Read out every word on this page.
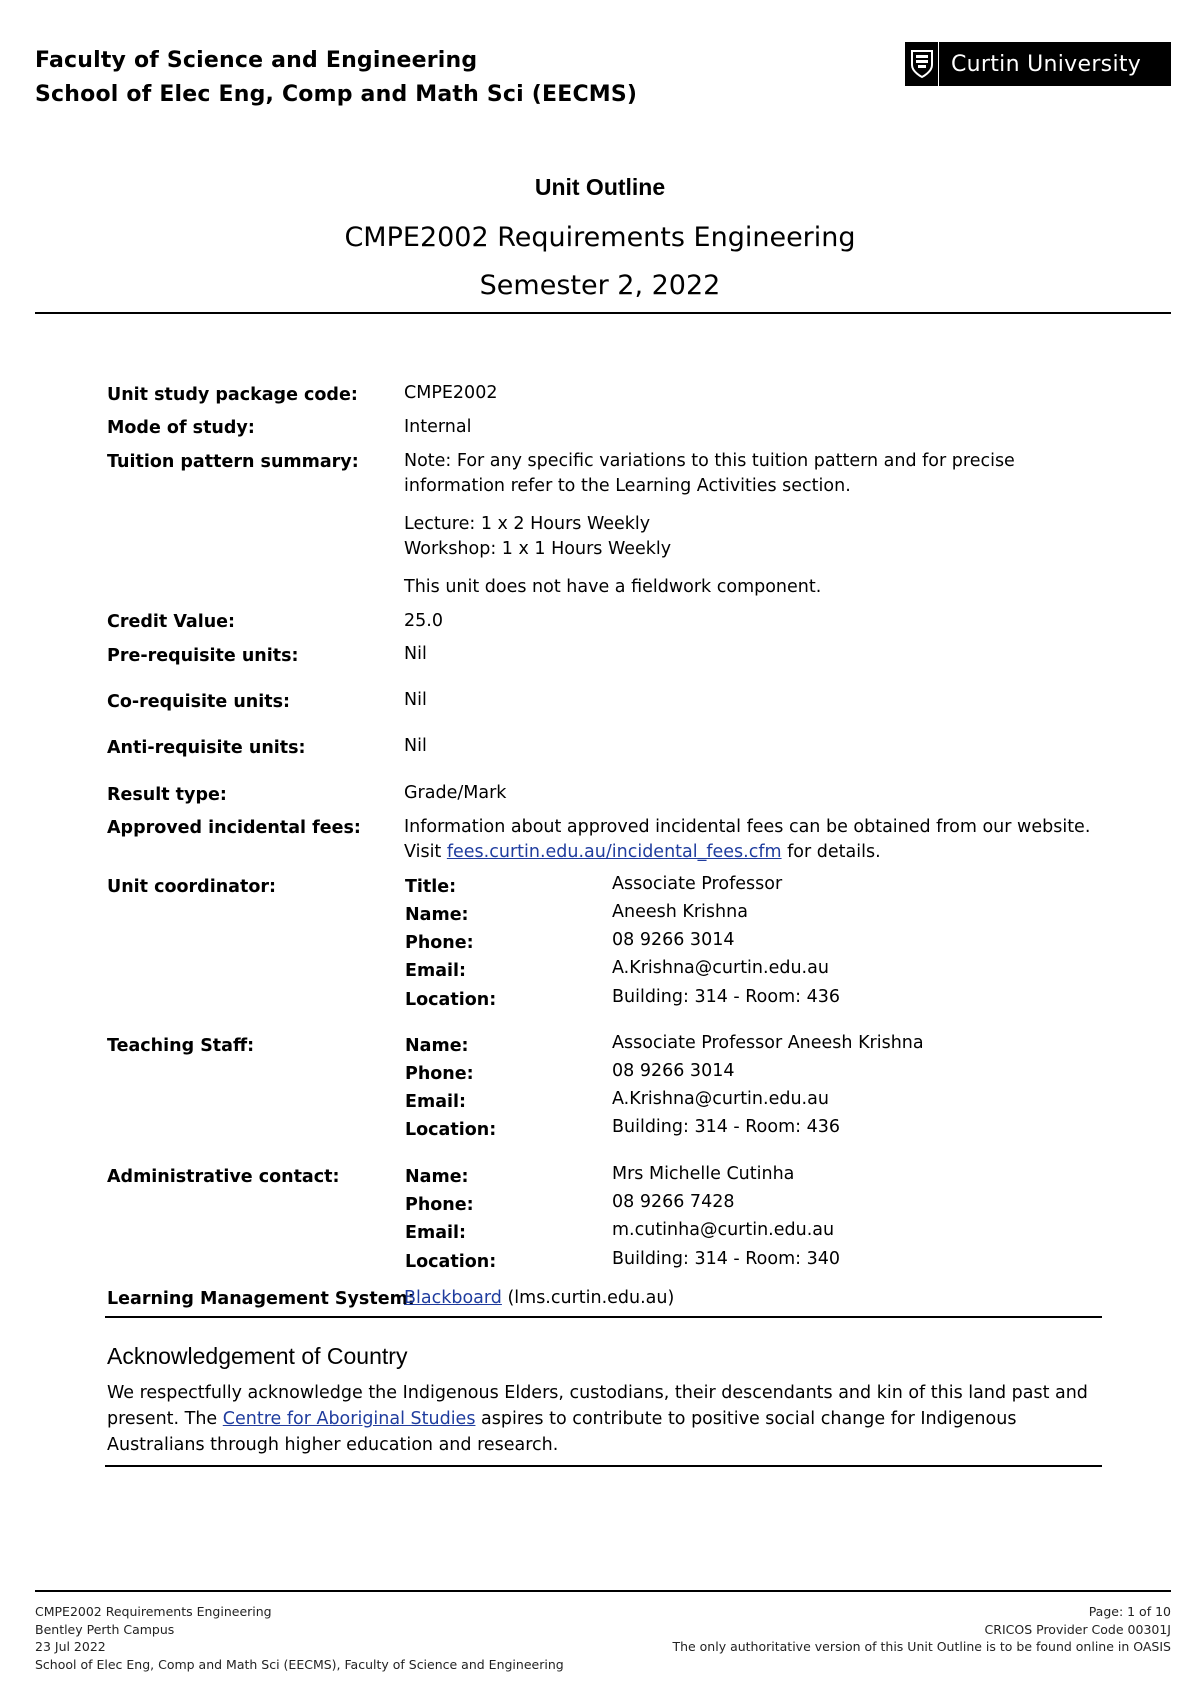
Faculty of Science and Engineering
School of Elec Eng, Comp and Math Sci (EECMS)
Curtin University
Unit Outline
CMPE2002 Requirements Engineering
Semester 2, 2022
Unit study package code:	CMPE2002
Mode of study:	Internal
Tuition pattern summary:	Note: For any specific variations to this tuition pattern and for precise
information refer to the Learning Activities section.
Lecture: 1 x 2 Hours Weekly
Workshop: 1 x 1 Hours Weekly
This unit does not have a fieldwork component.
Credit Value:	25.0
Pre-requisite units:	Nil
Co-requisite units:	Nil
Anti-requisite units:	Nil
Result type:	Grade/Mark
Approved incidental fees: Information about approved incidental fees can be obtained from our website.
Visit fees.curtin.edu.au/incidental_fees.cfm for details.
Unit coordinator:	Title:	Associate Professor
Name:	Aneesh Krishna
Phone:	08 9266 3014
Email:	A.Krishna@curtin.edu.au
Location:	Building: 314 - Room: 436
Teaching Staff:	Name:	Associate Professor Aneesh Krishna
Phone:	08 9266 3014
Email:	A.Krishna@curtin.edu.au
Location:	Building: 314 - Room: 436
Administrative contact:	Name:	Mrs Michelle Cutinha
Phone:	08 9266 7428
Email:	m.cutinha@curtin.edu.au
Location:	Building: 314 - Room: 340
Learning Management System:
Blackboard (lms.curtin.edu.au)
Acknowledgement of Country
We respectfully acknowledge the Indigenous Elders, custodians, their descendants and kin of this land past and present. The Centre for Aboriginal Studies aspires to contribute to positive social change for Indigenous Australians through higher education and research.
CMPE2002 Requirements Engineering
Bentley Perth Campus
23 Jul 2022
School of Elec Eng, Comp and Math Sci (EECMS), Faculty of Science and Engineering
Page: 1 of 10
CRICOS Provider Code 00301J
The only authoritative version of this Unit Outline is to be found online in OASIS
